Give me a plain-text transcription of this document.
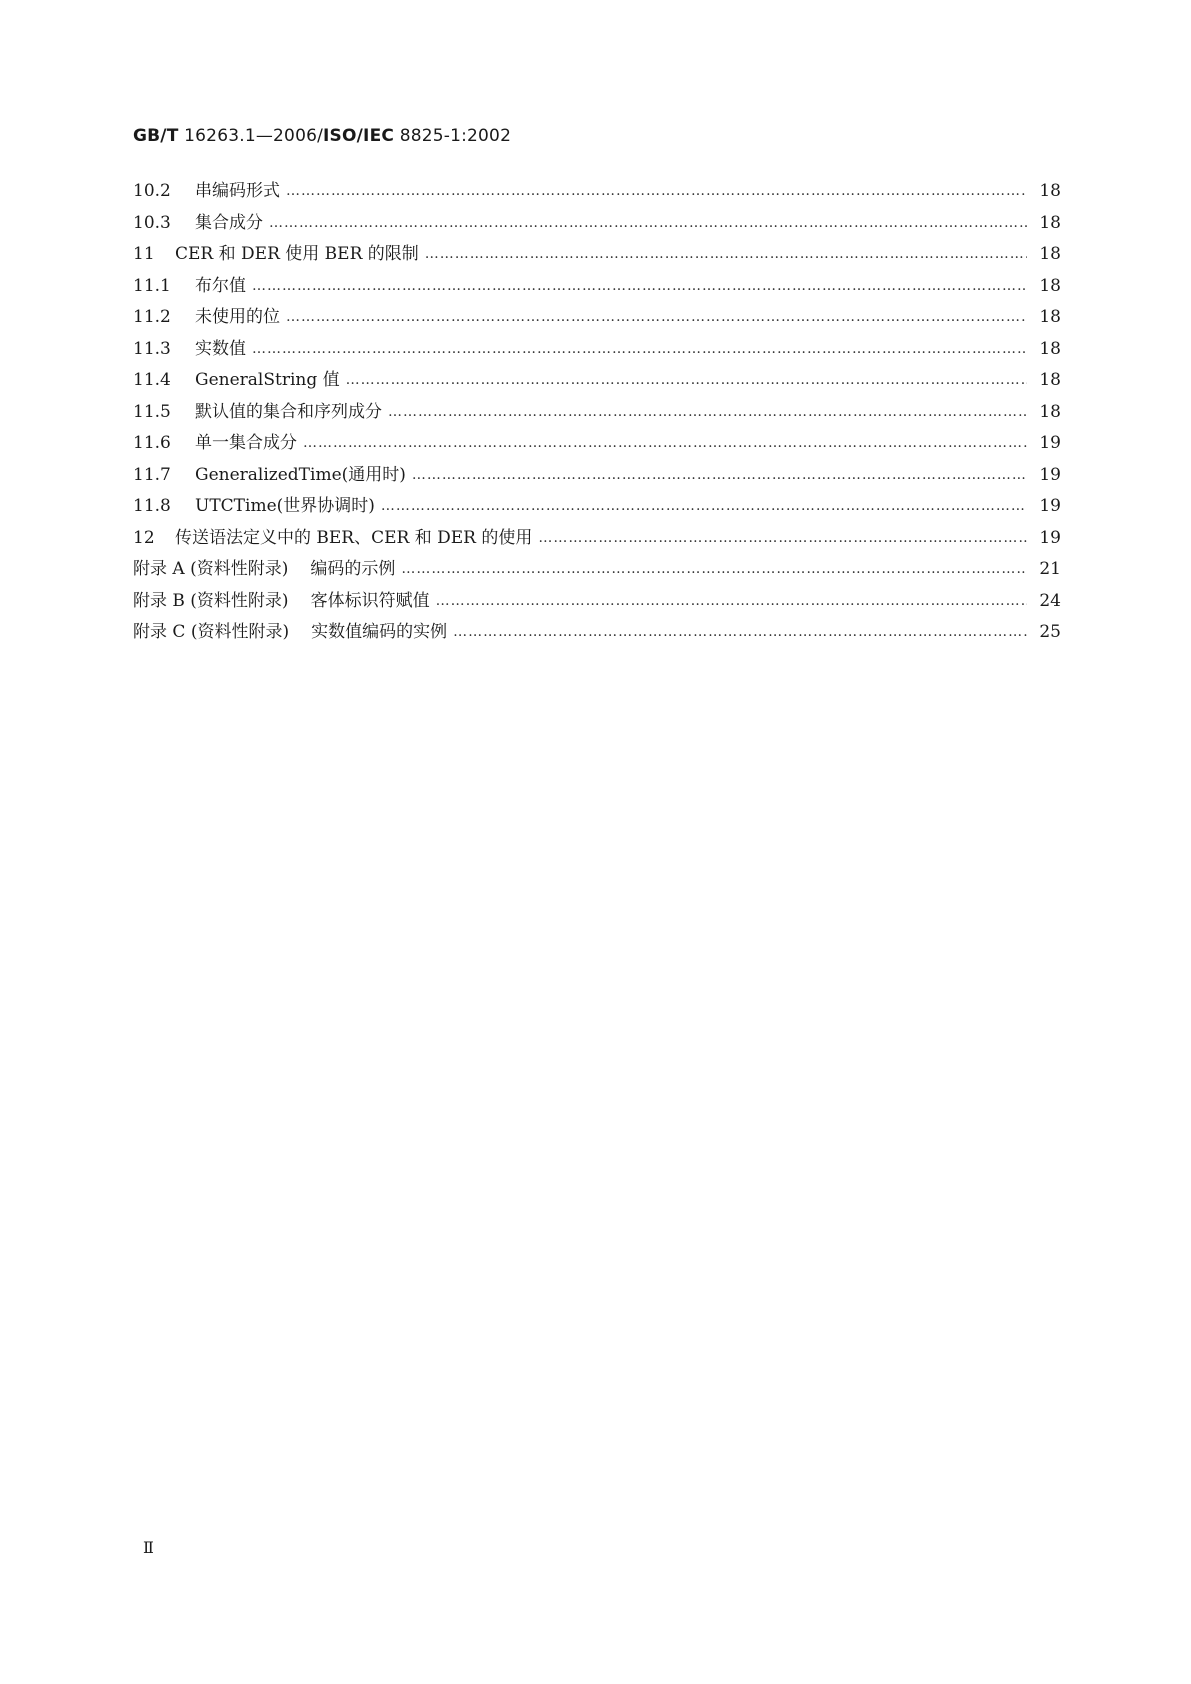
GB/T 16263.1—2006/ISO/IEC 8825-1:2002
10.2	串编码形式 ………………………………………………………………………………………………………………………………………………………………………………………………	18
10.3	集合成分 ………………………………………………………………………………………………………………………………………………………………………………………………	18
11	CER 和 DER 使用 BER 的限制 ………………………………………………………………………………………………………………………………………………………………………………………………	18
11.1	布尔值 ………………………………………………………………………………………………………………………………………………………………………………………………	18
11.2	未使用的位 ………………………………………………………………………………………………………………………………………………………………………………………………	18
11.3	实数值 ………………………………………………………………………………………………………………………………………………………………………………………………	18
11.4	GeneralString 值 ………………………………………………………………………………………………………………………………………………………………………………………………	18
11.5	默认值的集合和序列成分 ………………………………………………………………………………………………………………………………………………………………………………………………	18
11.6	单一集合成分 ………………………………………………………………………………………………………………………………………………………………………………………………	19
11.7	GeneralizedTime(通用时) ………………………………………………………………………………………………………………………………………………………………………………………………	19
11.8	UTCTime(世界协调时) ………………………………………………………………………………………………………………………………………………………………………………………………	19
12	传送语法定义中的 BER、CER 和 DER 的使用 ………………………………………………………………………………………………………………………………………………………………………………………………	19
附录 A (资料性附录)	编码的示例 ………………………………………………………………………………………………………………………………………………………………………………………………	21
附录 B (资料性附录)	客体标识符赋值 ………………………………………………………………………………………………………………………………………………………………………………………………	24
附录 C (资料性附录)	实数值编码的实例 ………………………………………………………………………………………………………………………………………………………………………………………………	25
Ⅱ
